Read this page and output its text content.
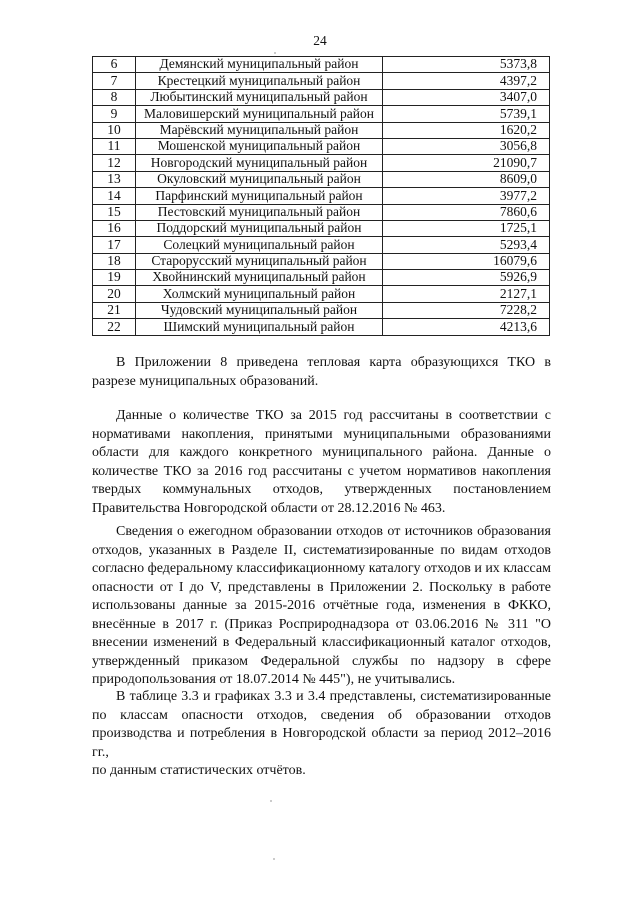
24
6	Демянский муниципальный район	5373,8
7	Крестецкий муниципальный район	4397,2
8	Любытинский муниципальный район	3407,0
9	Маловишерский муниципальный район	5739,1
10	Марёвский муниципальный район	1620,2
11	Мошенской муниципальный район	3056,8
12	Новгородский муниципальный район	21090,7
13	Окуловский муниципальный район	8609,0
14	Парфинский муниципальный район	3977,2
15	Пестовский муниципальный район	7860,6
16	Поддорский муниципальный район	1725,1
17	Солецкий муниципальный район	5293,4
18	Старорусский муниципальный район	16079,6
19	Хвойнинский муниципальный район	5926,9
20	Холмский муниципальный район	2127,1
21	Чудовский муниципальный район	7228,2
22	Шимский муниципальный район	4213,6
В Приложении 8 приведена тепловая карта образующихся ТКО в
разрезе муниципальных образований.
Данные о количестве ТКО за 2015 год рассчитаны в соответствии с
нормативами накопления, принятыми муниципальными образованиями
области для каждого конкретного муниципального района. Данные о
количестве ТКО за 2016 год рассчитаны с учетом нормативов накопления
твердых коммунальных отходов, утвержденных постановлением
Правительства Новгородской области от 28.12.2016 № 463.
Сведения о ежегодном образовании отходов от источников образования
отходов, указанных в Разделе II, систематизированные по видам отходов
согласно федеральному классификационному каталогу отходов и их классам
опасности от I до V, представлены в Приложении 2. Поскольку в работе
использованы данные за 2015-2016 отчётные года, изменения в ФККО,
внесённые в 2017 г. (Приказ Росприроднадзора от 03.06.2016 № 311 "О
внесении изменений в Федеральный классификационный каталог отходов,
утвержденный приказом Федеральной службы по надзору в сфере
природопользования от 18.07.2014 № 445"), не учитывались.
В таблице 3.3 и графиках 3.3 и 3.4 представлены, систематизированные
по классам опасности отходов, сведения об образовании отходов
производства и потребления в Новгородской области за период 2012–2016 гг.,
по данным статистических отчётов.
